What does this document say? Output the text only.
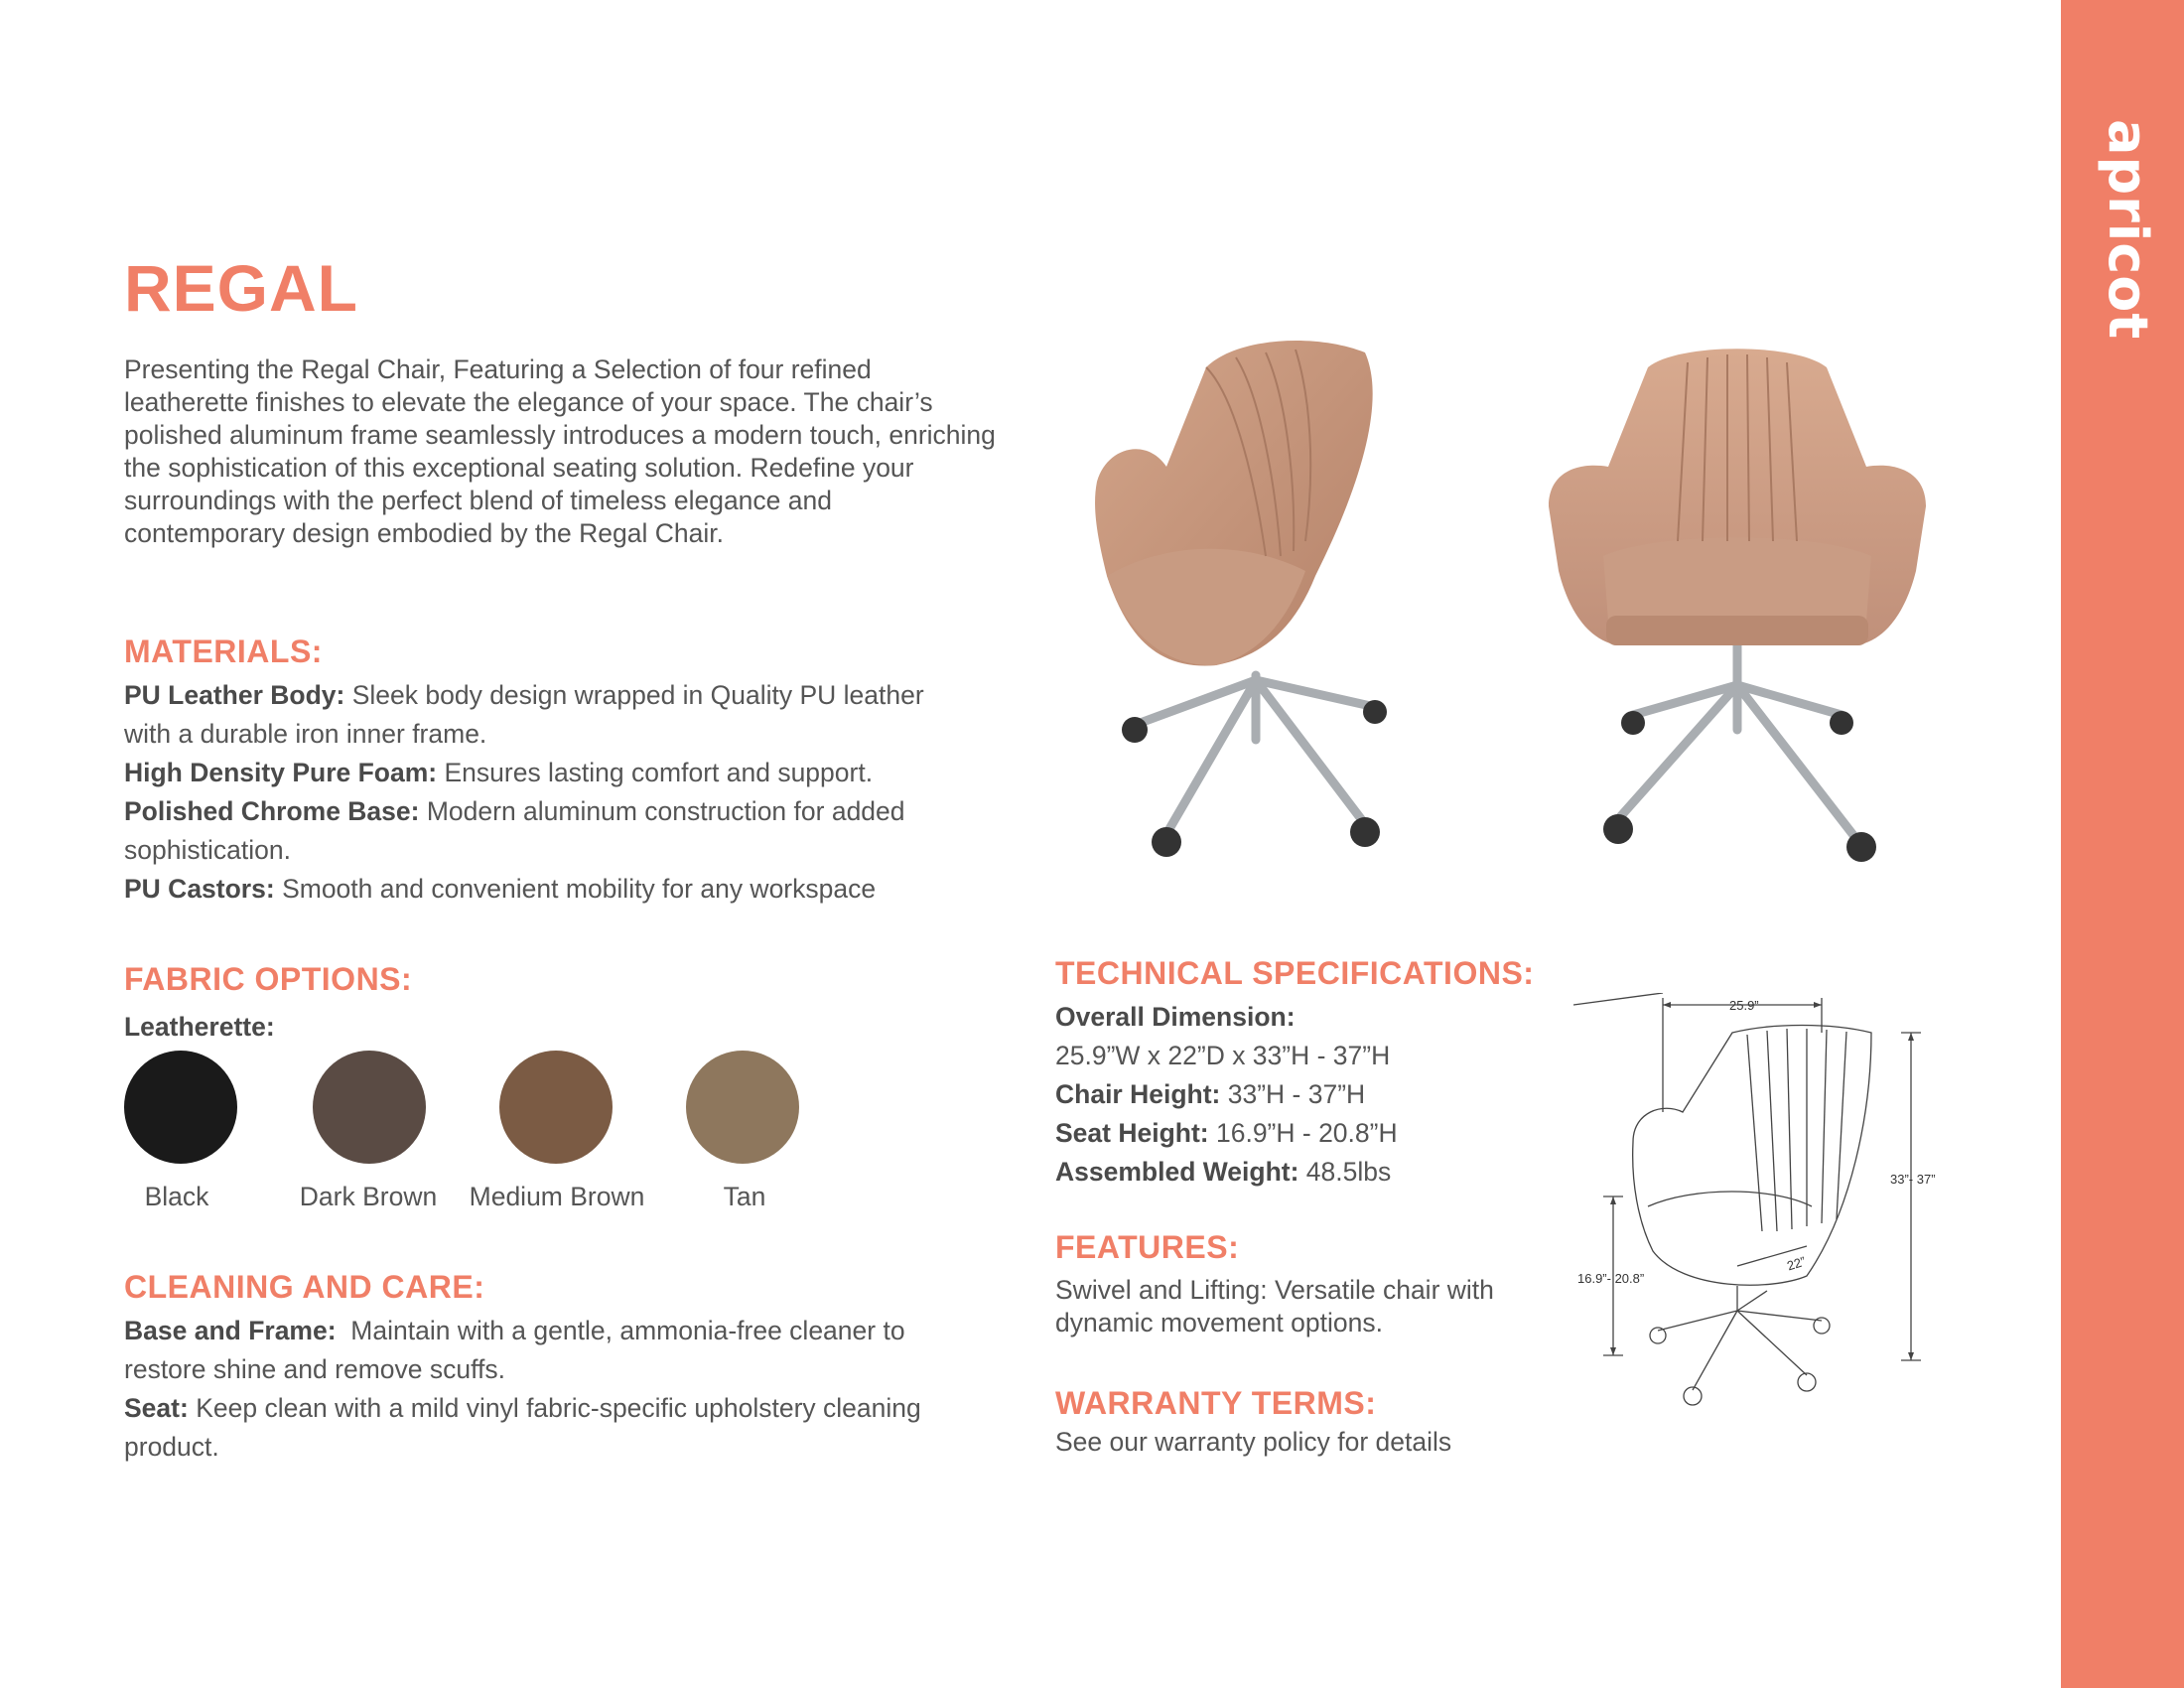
apricot
REGAL

Presenting the Regal Chair, Featuring a Selection of four refined leatherette finishes to elevate the elegance of your space. The chair’s polished aluminum frame seamlessly introduces a modern touch, enriching the sophistication of this exceptional seating solution. Redefine your surroundings with the perfect blend of timeless elegance and contemporary design embodied by the Regal Chair.

MATERIALS:

PU Leather Body: Sleek body design wrapped in Quality PU leather with a durable iron inner frame.
High Density Pure Foam: Ensures lasting comfort and support.
Polished Chrome Base: Modern aluminum construction for added sophistication.
PU Castors: Smooth and convenient mobility for any workspace

FABRIC OPTIONS:
Leatherette:
Black	Dark Brown	Medium Brown	Tan
CLEANING AND CARE:

Base and Frame: Maintain with a gentle, ammonia-free cleaner to restore shine and remove scuffs.
Seat: Keep clean with a mild vinyl fabric-specific upholstery cleaning product.

TECHNICAL SPECIFICATIONS:

Overall Dimension:
25.9”W x 22”D x 33”H - 37”H
Chair Height: 33”H - 37”H
Seat Height: 16.9”H - 20.8”H
Assembled Weight: 48.5lbs

FEATURES:

Swivel and Lifting: Versatile chair with dynamic movement options.

WARRANTY TERMS:

See our warranty policy for details

25.9”
33”- 37”
16.9”- 20.8”
22”
